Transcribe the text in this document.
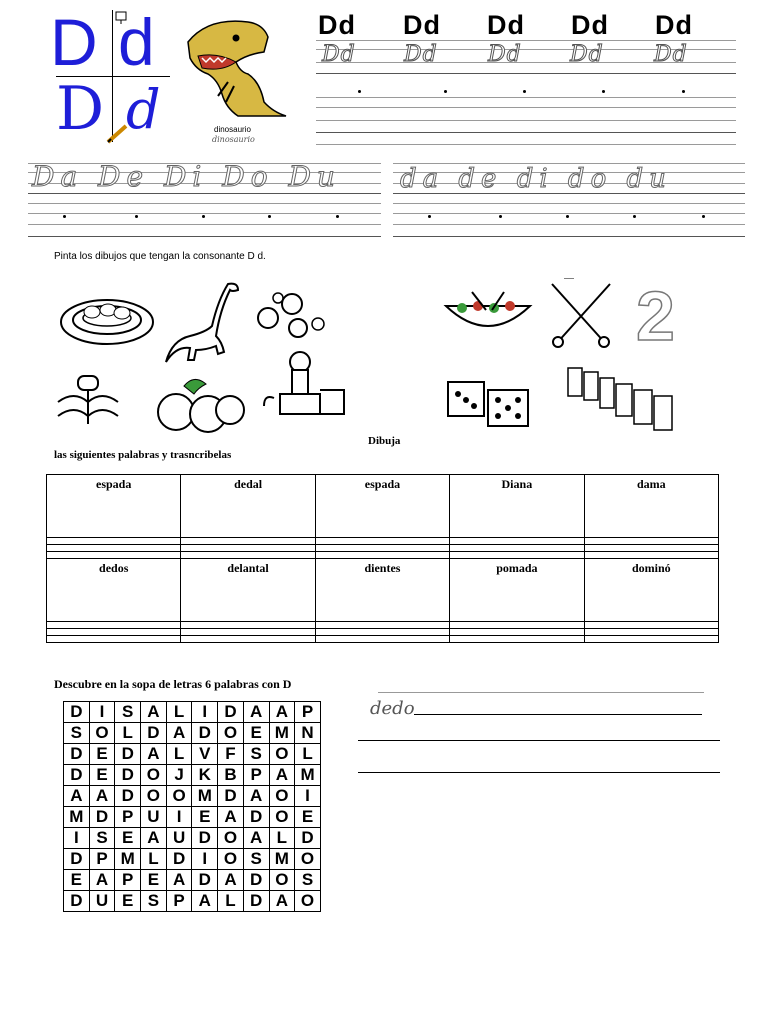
D d
D d	dinosaurio
dinosaurio
Dd Dd Dd Dd Dd
Dd Dd Dd Dd Dd
Da De Di Do Du da de di do du
Pinta los dibujos que tengan la consonante D d.
2
Dibuja
las siguientes palabras y trasncribelas
espada	dedal	espada	Diana	dama

dedos	delantal	dientes	pomada	dominó

Descubre en la sopa de letras 6 palabras con D
D	I	S	A	L	I	D	A	A	P
S	O	L	D	A	D	O	E	M	N
D	E	D	A	L	V	F	S	O	L
D	E	D	O	J	K	B	P	A	M
A	A	D	O	O	M	D	A	O	I
M	D	P	U	I	E	A	D	O	E
I	S	E	A	U	D	O	A	L	D
D	P	M	L	D	I	O	S	M	O
E	A	P	E	A	D	A	D	O	S
D	U	E	S	P	A	L	D	A	O
dedo
